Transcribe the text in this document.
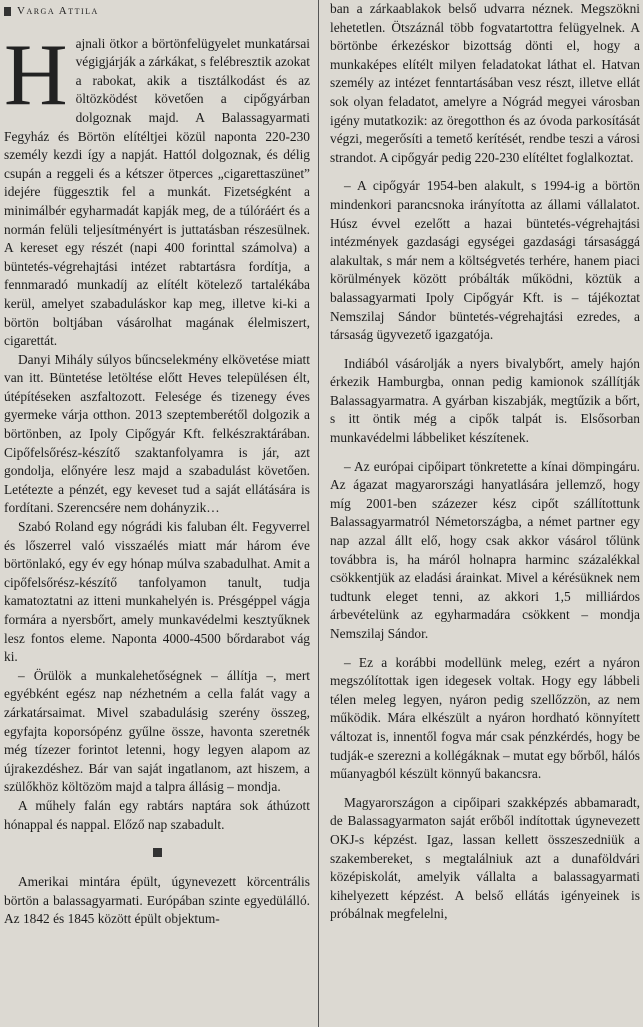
Varga Attila

Hajnali ötkor a börtönfelügyelet munkatársai végigjárják a zárkákat, s felébresztik azokat a rabokat, akik a tisztálkodást és az öltözködést követően a cipőgyárban dolgoznak majd. A Balassagyarmati Fegyház és Börtön elítéltjei közül naponta 220-230 személy kezdi így a napját. Hattól dolgoznak, és délig csupán a reggeli és a kétszer ötperces „cigarettaszünet” idejére függesztik fel a munkát. Fizetségként a minimálbér egyharmadát kapják meg, de a túlóráért és a normán felüli teljesítményért is juttatásban részesülnek. A kereset egy részét (napi 400 forinttal számolva) a büntetés-végrehajtási intézet rabtartásra fordítja, a fennmaradó munkadíj az elítélt kötelező tartalékába kerül, amelyet szabaduláskor kap meg, illetve ki-ki a börtön boltjában vásárolhat magának élelmiszert, cigarettát.

Danyi Mihály súlyos bűncselekmény elkövetése miatt van itt. Büntetése letöltése előtt Heves településen élt, útépítéseken aszfaltozott. Felesége és tizenegy éves gyermeke várja otthon. 2013 szeptemberétől dolgozik a börtönben, az Ipoly Cipőgyár Kft. felkészraktárában. Cipőfelsőrész-készítő szaktanfolyamra is jár, azt gondolja, előnyére lesz majd a szabadulást követően. Letétezte a pénzét, egy keveset tud a saját ellátására is fordítani. Szerencsére nem dohányzik…

Szabó Roland egy nógrádi kis faluban élt. Fegyverrel és lőszerrel való visszaélés miatt már három éve börtönlakó, egy év egy hónap múlva szabadulhat. Amit a cipőfelsőrész-készítő tanfolyamon tanult, tudja kamatoztatni az itteni munkahelyén is. Présgéppel vágja formára a nyersbőrt, amely munkavédelmi kesztyűknek lesz fontos eleme. Naponta 4000-4500 bőrdarabot vág ki.

– Örülök a munkalehetőségnek – állítja –, mert egyébként egész nap nézhetném a cella falát vagy a zárkatársaimat. Mivel szabadulásig szerény összeg, egyfajta koporsópénz gyűlne össze, havonta szeretnék még tízezer forintot letenni, hogy legyen alapom az újrakezdéshez. Bár van saját ingatlanom, azt hiszem, a szülőkhöz költözöm majd a talpra állásig – mondja.

A műhely falán egy rabtárs naptára sok áthúzott hónappal és nappal. Előző nap szabadult.

Amerikai mintára épült, úgynevezett körcentrális börtön a balassagyarmati. Európában szinte egyedülálló. Az 1842 és 1845 között épült objektum-

ban a zárkaablakok belső udvarra néznek. Megszökni lehetetlen. Ötszáznál több fogvatartottra felügyelnek. A börtönbe érkezéskor bizottság dönti el, hogy a munkaképes elítélt milyen feladatokat láthat el. Hatvan személy az intézet fenntartásában vesz részt, illetve ellát sok olyan feladatot, amelyre a Nógrád megyei városban igény mutatkozik: az öregotthon és az óvoda parkosítását végzi, megerősíti a temető kerítését, rendbe teszi a városi strandot. A cipőgyár pedig 220-230 elítéltet foglalkoztat.

– A cipőgyár 1954-ben alakult, s 1994-ig a börtön mindenkori parancsnoka irányította az állami vállalatot. Húsz évvel ezelőtt a hazai büntetés-végrehajtási intézmények gazdasági egységei gazdasági társasággá alakultak, s már nem a költségvetés terhére, hanem piaci körülmények között próbálták működni, köztük a balassagyarmati Ipoly Cipőgyár Kft. is – tájékoztat Nemszilaj Sándor büntetés-végrehajtási ezredes, a társaság ügyvezető igazgatója.

Indiából vásárolják a nyers bivalybőrt, amely hajón érkezik Hamburgba, onnan pedig kamionok szállítják Balassagyarmatra. A gyárban kiszabják, megtűzik a bőrt, s itt öntik még a cipők talpát is. Elsősorban munkavédelmi lábbeliket készítenek.

– Az európai cipőipart tönkretette a kínai dömpingáru. Az ágazat magyarországi hanyatlására jellemző, hogy míg 2001-ben százezer kész cipőt szállítottunk Balassagyarmatról Németországba, a német partner egy nap azzal állt elő, hogy csak akkor vásárol tőlünk továbbra is, ha máról holnapra harminc százalékkal csökkentjük az eladási árainkat. Mivel a kérésüknek nem tudtunk eleget tenni, az akkori 1,5 milliárdos árbevételünk az egyharmadára csökkent – mondja Nemszilaj Sándor.

– Ez a korábbi modellünk meleg, ezért a nyáron megszólítottak igen idegesek voltak. Hogy egy lábbeli télen meleg legyen, nyáron pedig szellőzzön, az nem működik. Mára elkészült a nyáron hordható könnyített változat is, innentől fogva már csak pénzkérdés, hogy be tudják-e szerezni a kollégáknak – mutat egy bőrből, hálós műanyagból készült könnyű bakancsra.

Magyarországon a cipőipari szakképzés abbamaradt, de Balassagyarmaton saját erőből indítottak úgynevezett OKJ-s képzést. Igaz, lassan kellett összeszedniük a szakembereket, s megtalálniuk azt a dunaföldvári középiskolát, amelyik vállalta a balassagyarmati kihelyezett képzést. A belső ellátás igényeinek is próbálnak megfelelni,
